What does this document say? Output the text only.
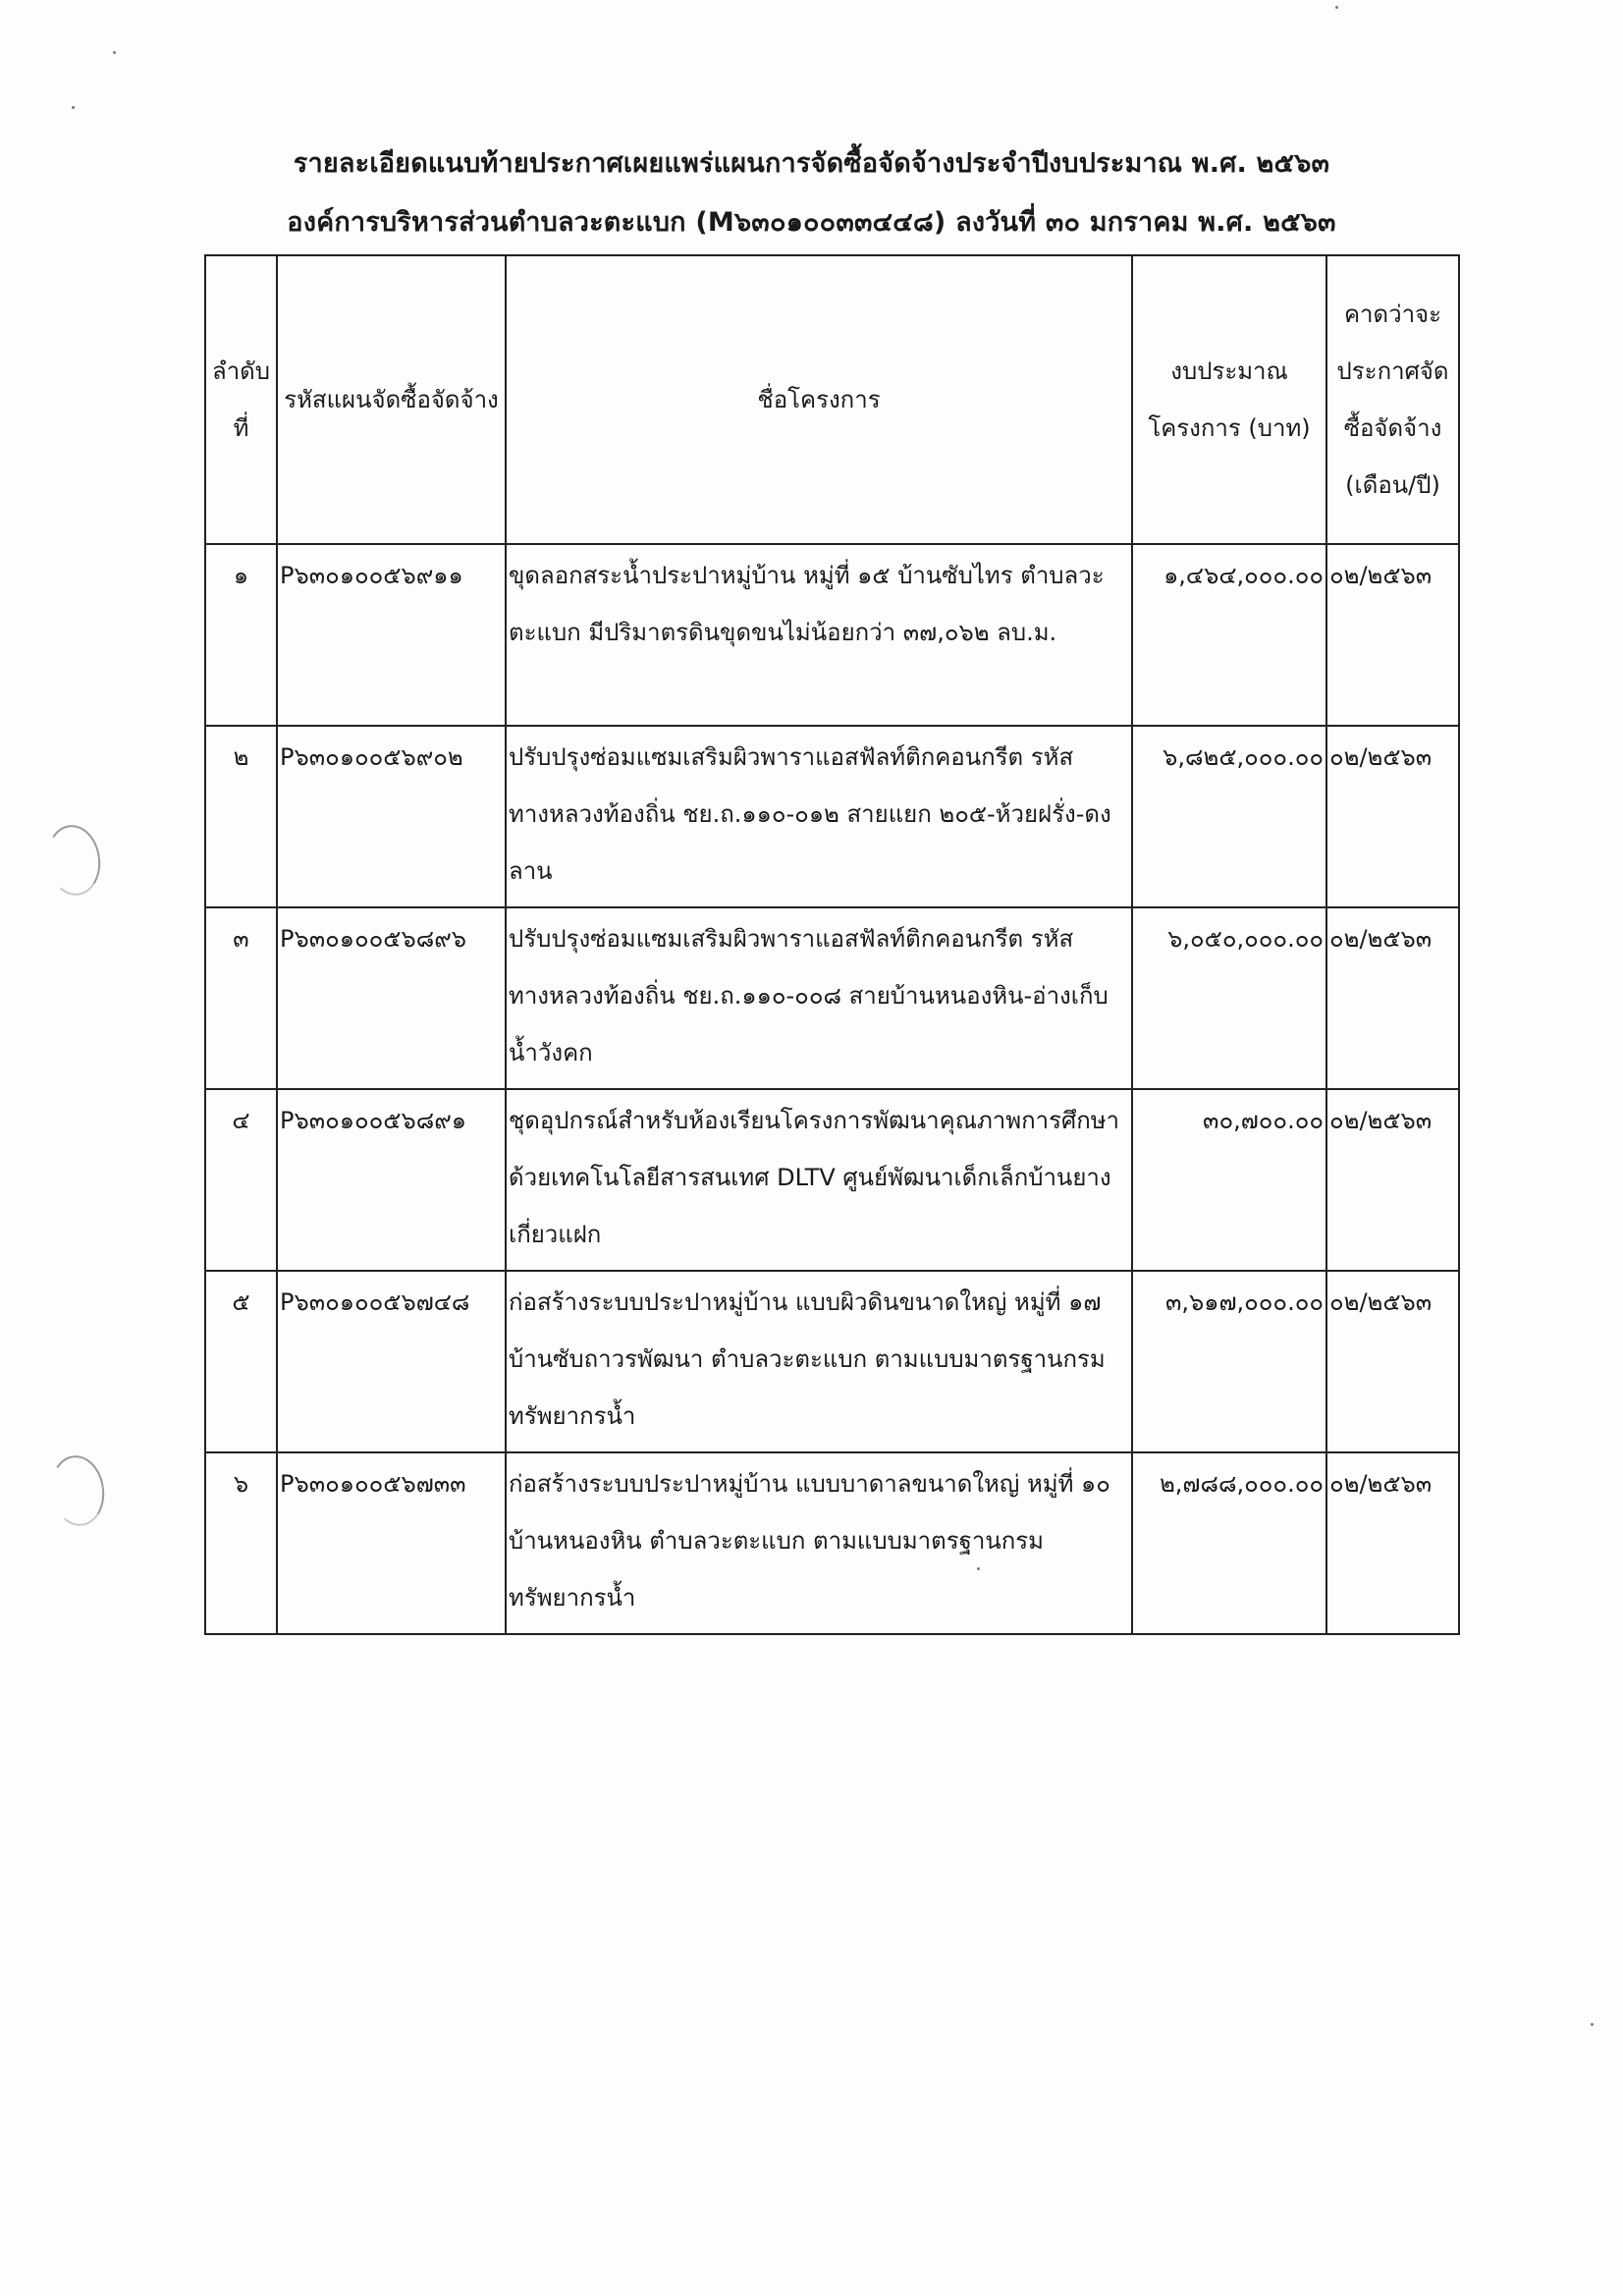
รายละเอียดแนบท้ายประกาศเผยแพร่แผนการจัดซื้อจัดจ้างประจำปีงบประมาณ พ.ศ. ๒๕๖๓
องค์การบริหารส่วนตำบลวะตะแบก (M๖๓๐๑๐๐๓๓๔๔๘) ลงวันที่ ๓๐ มกราคม พ.ศ. ๒๕๖๓
ลำดับที่	รหัสแผนจัดซื้อจัดจ้าง	ชื่อโครงการ	งบประมาณโครงการ (บาท)	คาดว่าจะประกาศจัดซื้อจัดจ้าง (เดือน/ปี)
๑	P๖๓๐๑๐๐๕๖๙๑๑	ขุดลอกสระน้ำประปาหมู่บ้าน หมู่ที่ ๑๕ บ้านซับไทร ตำบลวะตะแบก มีปริมาตรดินขุดขนไม่น้อยกว่า ๓๗,๐๖๒ ลบ.ม.	๑,๔๖๔,๐๐๐.๐๐	๐๒/๒๕๖๓
๒	P๖๓๐๑๐๐๕๖๙๐๒	ปรับปรุงซ่อมแซมเสริมผิวพาราแอสฟัลท์ติกคอนกรีต รหัสทางหลวงท้องถิ่น ชย.ถ.๑๑๐-๐๑๒ สายแยก ๒๐๕-ห้วยฝรั่ง-ดงลาน	๖,๘๒๕,๐๐๐.๐๐	๐๒/๒๕๖๓
๓	P๖๓๐๑๐๐๕๖๘๙๖	ปรับปรุงซ่อมแซมเสริมผิวพาราแอสฟัลท์ติกคอนกรีต รหัสทางหลวงท้องถิ่น ชย.ถ.๑๑๐-๐๐๘ สายบ้านหนองหิน-อ่างเก็บน้ำวังคก	๖,๐๕๐,๐๐๐.๐๐	๐๒/๒๕๖๓
๔	P๖๓๐๑๐๐๕๖๘๙๑	ชุดอุปกรณ์สำหรับห้องเรียนโครงการพัฒนาคุณภาพการศึกษาด้วยเทคโนโลยีสารสนเทศ DLTV ศูนย์พัฒนาเด็กเล็กบ้านยางเกี่ยวแฝก	๓๐,๗๐๐.๐๐	๐๒/๒๕๖๓
๕	P๖๓๐๑๐๐๕๖๗๔๘	ก่อสร้างระบบประปาหมู่บ้าน แบบผิวดินขนาดใหญ่ หมู่ที่ ๑๗ บ้านซับถาวรพัฒนา ตำบลวะตะแบก ตามแบบมาตรฐานกรมทรัพยากรน้ำ	๓,๖๑๗,๐๐๐.๐๐	๐๒/๒๕๖๓
๖	P๖๓๐๑๐๐๕๖๗๓๓	ก่อสร้างระบบประปาหมู่บ้าน แบบบาดาลขนาดใหญ่ หมู่ที่ ๑๐ บ้านหนองหิน ตำบลวะตะแบก ตามแบบมาตรฐานกรมทรัพยากรน้ำ	๒,๗๘๘,๐๐๐.๐๐	๐๒/๒๕๖๓
